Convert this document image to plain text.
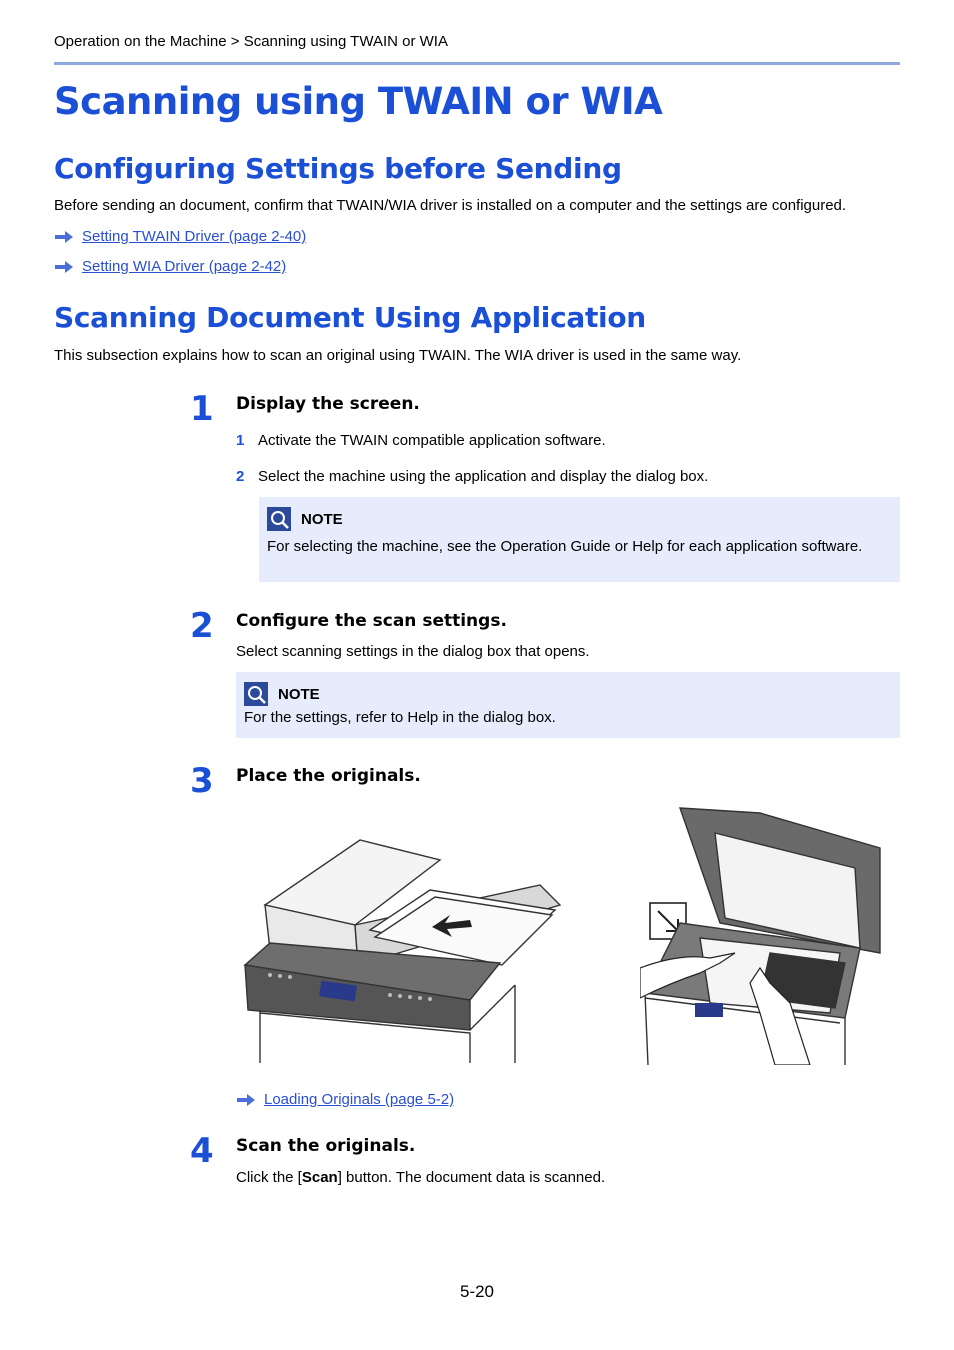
Operation on the Machine > Scanning using TWAIN or WIA
Scanning using TWAIN or WIA
Configuring Settings before Sending
Before sending an document, confirm that TWAIN/WIA driver is installed on a computer and the settings are configured.
Setting TWAIN Driver (page 2-40)
Setting WIA Driver (page 2-42)
Scanning Document Using Application
This subsection explains how to scan an original using TWAIN. The WIA driver is used in the same way.
1 Display the screen.
1 Activate the TWAIN compatible application software.
2 Select the machine using the application and display the dialog box.
NOTE
For selecting the machine, see the Operation Guide or Help for each application software.
2 Configure the scan settings.
Select scanning settings in the dialog box that opens.
NOTE
For the settings, refer to Help in the dialog box.
3 Place the originals.
Loading Originals (page 5-2)
4 Scan the originals.
Click the [Scan] button. The document data is scanned.
5-20
